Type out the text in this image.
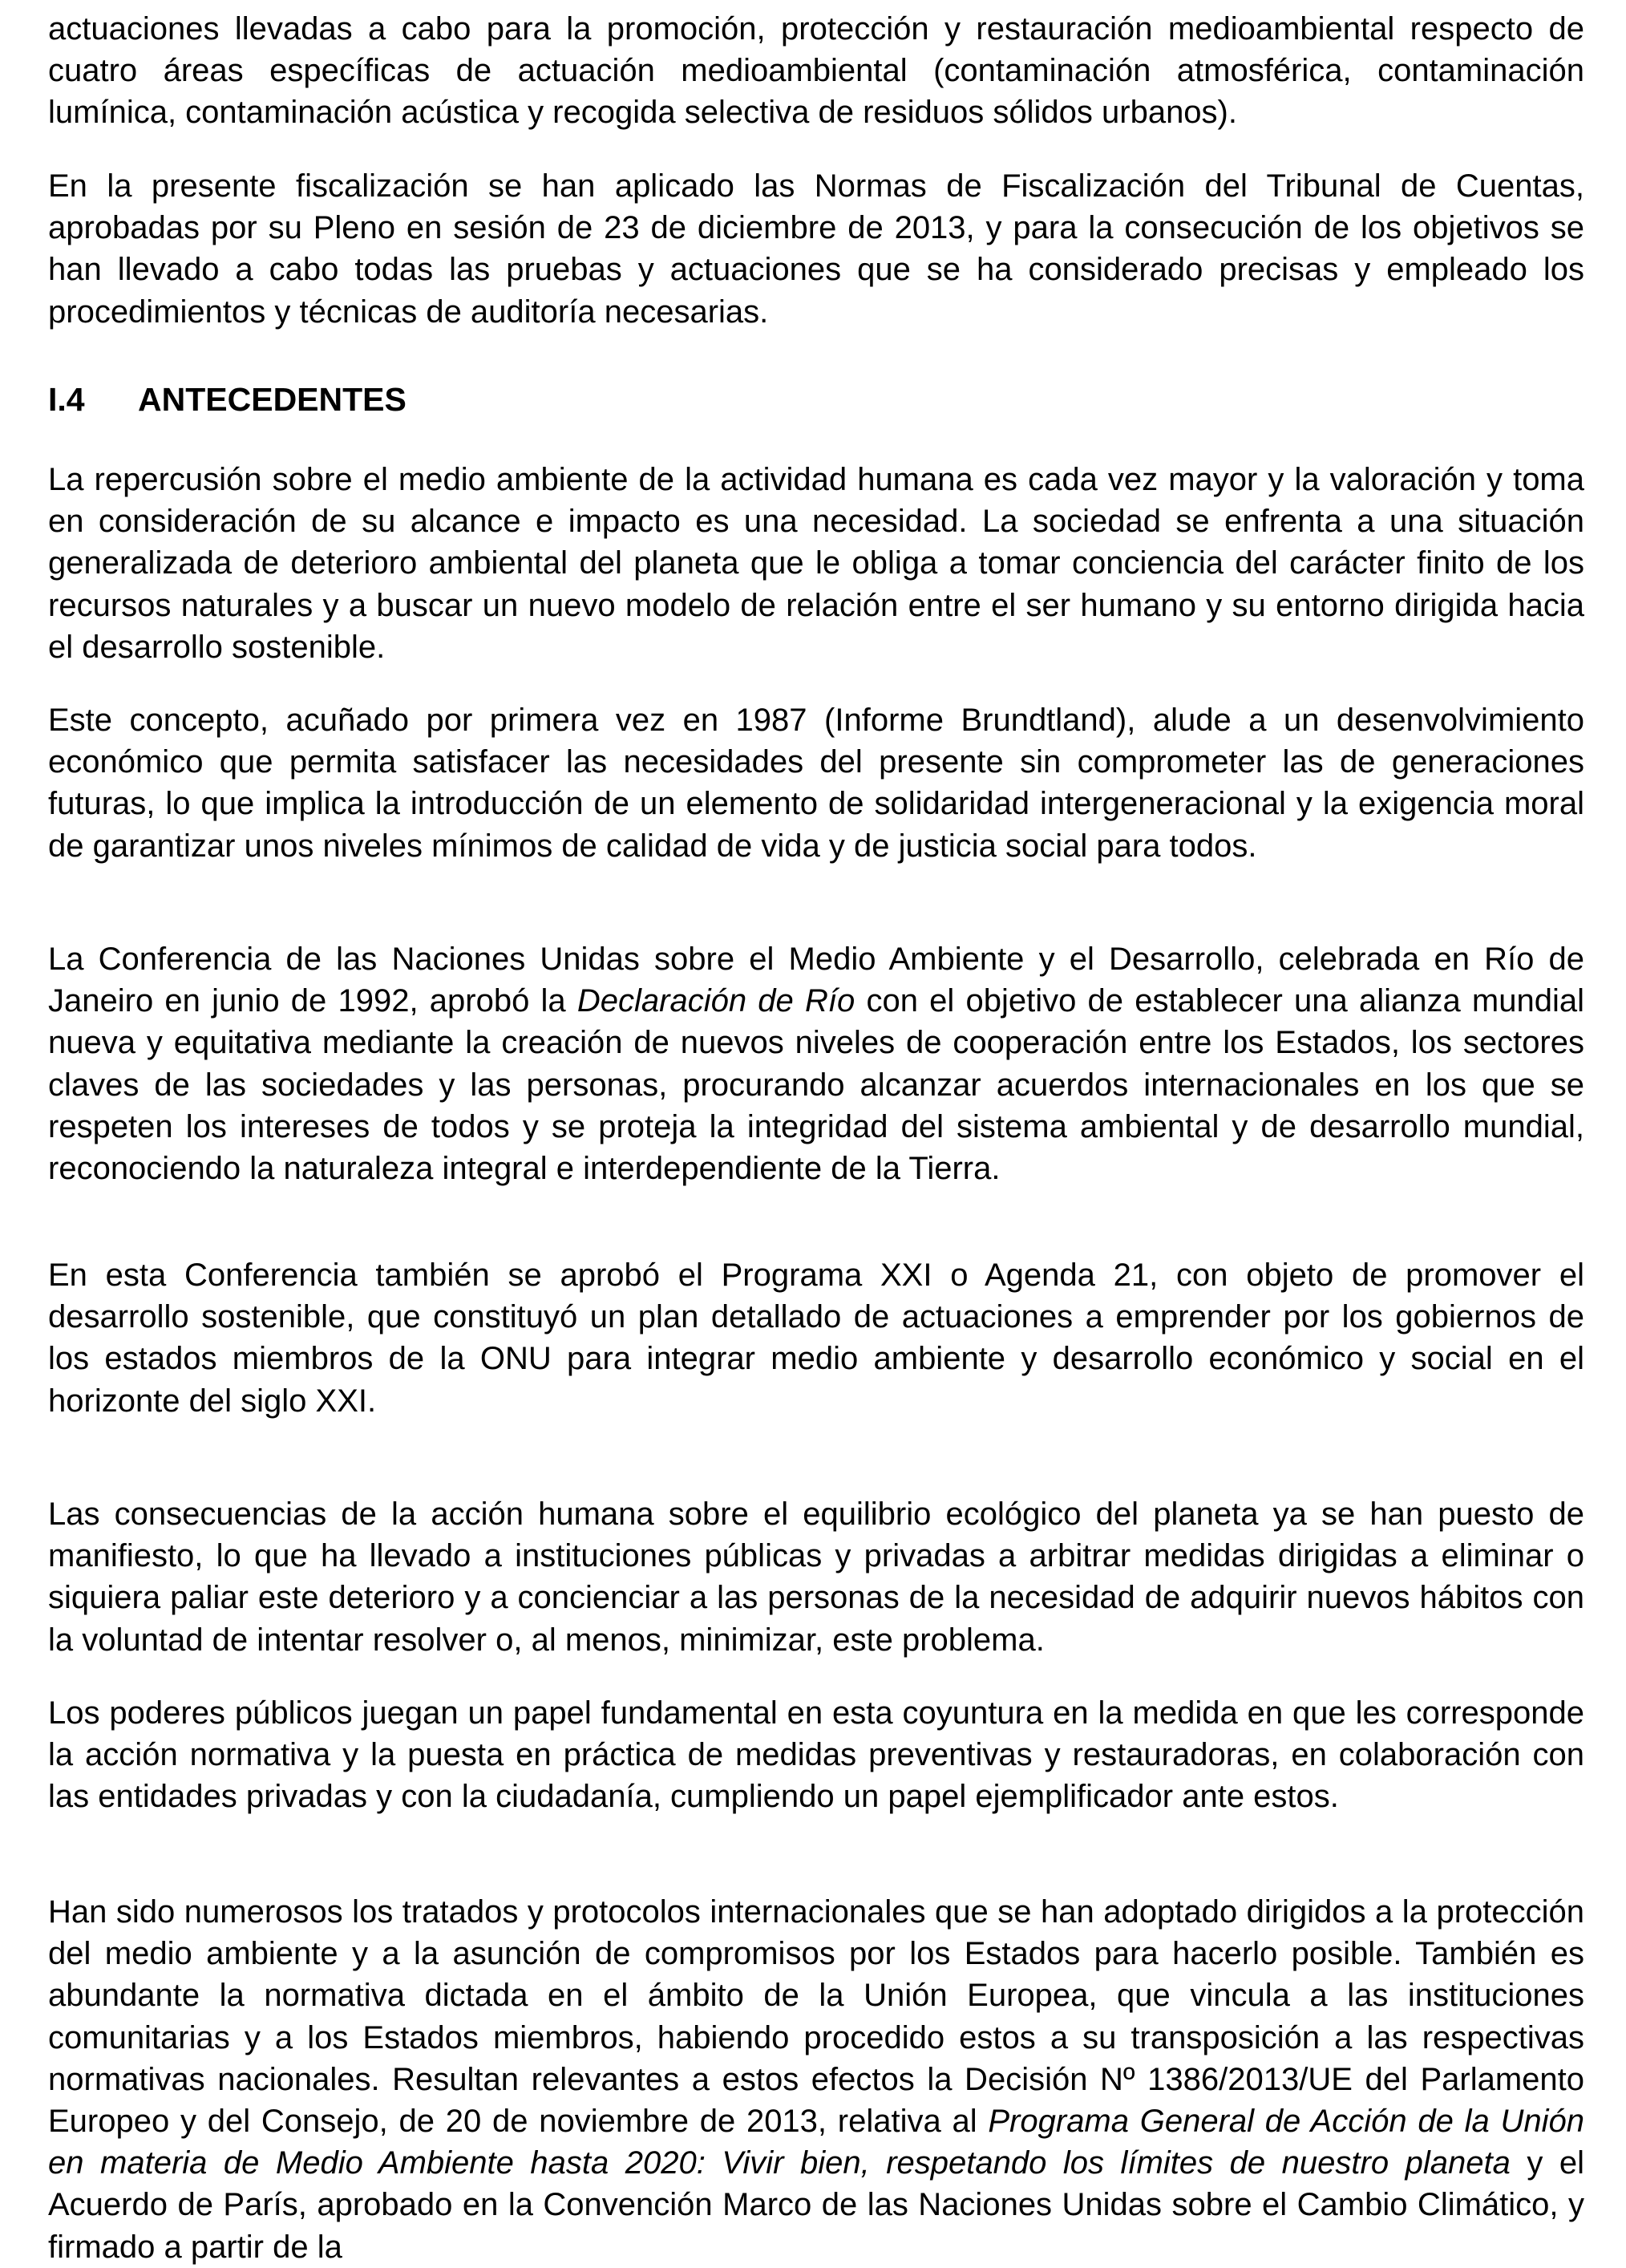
actuaciones llevadas a cabo para la promoción, protección y restauración medioambiental respecto de cuatro áreas específicas de actuación medioambiental (contaminación atmosférica, contaminación lumínica, contaminación acústica y recogida selectiva de residuos sólidos urbanos).

En la presente fiscalización se han aplicado las Normas de Fiscalización del Tribunal de Cuentas, aprobadas por su Pleno en sesión de 23 de diciembre de 2013, y para la consecución de los objetivos se han llevado a cabo todas las pruebas y actuaciones que se ha considerado precisas y empleado los procedimientos y técnicas de auditoría necesarias.

I.4 ANTECEDENTES

La repercusión sobre el medio ambiente de la actividad humana es cada vez mayor y la valoración y toma en consideración de su alcance e impacto es una necesidad. La sociedad se enfrenta a una situación generalizada de deterioro ambiental del planeta que le obliga a tomar conciencia del carácter finito de los recursos naturales y a buscar un nuevo modelo de relación entre el ser humano y su entorno dirigida hacia el desarrollo sostenible.

Este concepto, acuñado por primera vez en 1987 (Informe Brundtland), alude a un desenvolvimiento económico que permita satisfacer las necesidades del presente sin comprometer las de generaciones futuras, lo que implica la introducción de un elemento de solidaridad intergeneracional y la exigencia moral de garantizar unos niveles mínimos de calidad de vida y de justicia social para todos.

La Conferencia de las Naciones Unidas sobre el Medio Ambiente y el Desarrollo, celebrada en Río de Janeiro en junio de 1992, aprobó la Declaración de Río con el objetivo de establecer una alianza mundial nueva y equitativa mediante la creación de nuevos niveles de cooperación entre los Estados, los sectores claves de las sociedades y las personas, procurando alcanzar acuerdos internacionales en los que se respeten los intereses de todos y se proteja la integridad del sistema ambiental y de desarrollo mundial, reconociendo la naturaleza integral e interdependiente de la Tierra.

En esta Conferencia también se aprobó el Programa XXI o Agenda 21, con objeto de promover el desarrollo sostenible, que constituyó un plan detallado de actuaciones a emprender por los gobiernos de los estados miembros de la ONU para integrar medio ambiente y desarrollo económico y social en el horizonte del siglo XXI.

Las consecuencias de la acción humana sobre el equilibrio ecológico del planeta ya se han puesto de manifiesto, lo que ha llevado a instituciones públicas y privadas a arbitrar medidas dirigidas a eliminar o siquiera paliar este deterioro y a concienciar a las personas de la necesidad de adquirir nuevos hábitos con la voluntad de intentar resolver o, al menos, minimizar, este problema.

Los poderes públicos juegan un papel fundamental en esta coyuntura en la medida en que les corresponde la acción normativa y la puesta en práctica de medidas preventivas y restauradoras, en colaboración con las entidades privadas y con la ciudadanía, cumpliendo un papel ejemplificador ante estos.

Han sido numerosos los tratados y protocolos internacionales que se han adoptado dirigidos a la protección del medio ambiente y a la asunción de compromisos por los Estados para hacerlo posible. También es abundante la normativa dictada en el ámbito de la Unión Europea, que vincula a las instituciones comunitarias y a los Estados miembros, habiendo procedido estos a su transposición a las respectivas normativas nacionales. Resultan relevantes a estos efectos la Decisión Nº 1386/2013/UE del Parlamento Europeo y del Consejo, de 20 de noviembre de 2013, relativa al Programa General de Acción de la Unión en materia de Medio Ambiente hasta 2020: Vivir bien, respetando los límites de nuestro planeta y el Acuerdo de París, aprobado en la Convención Marco de las Naciones Unidas sobre el Cambio Climático, y firmado a partir de la
